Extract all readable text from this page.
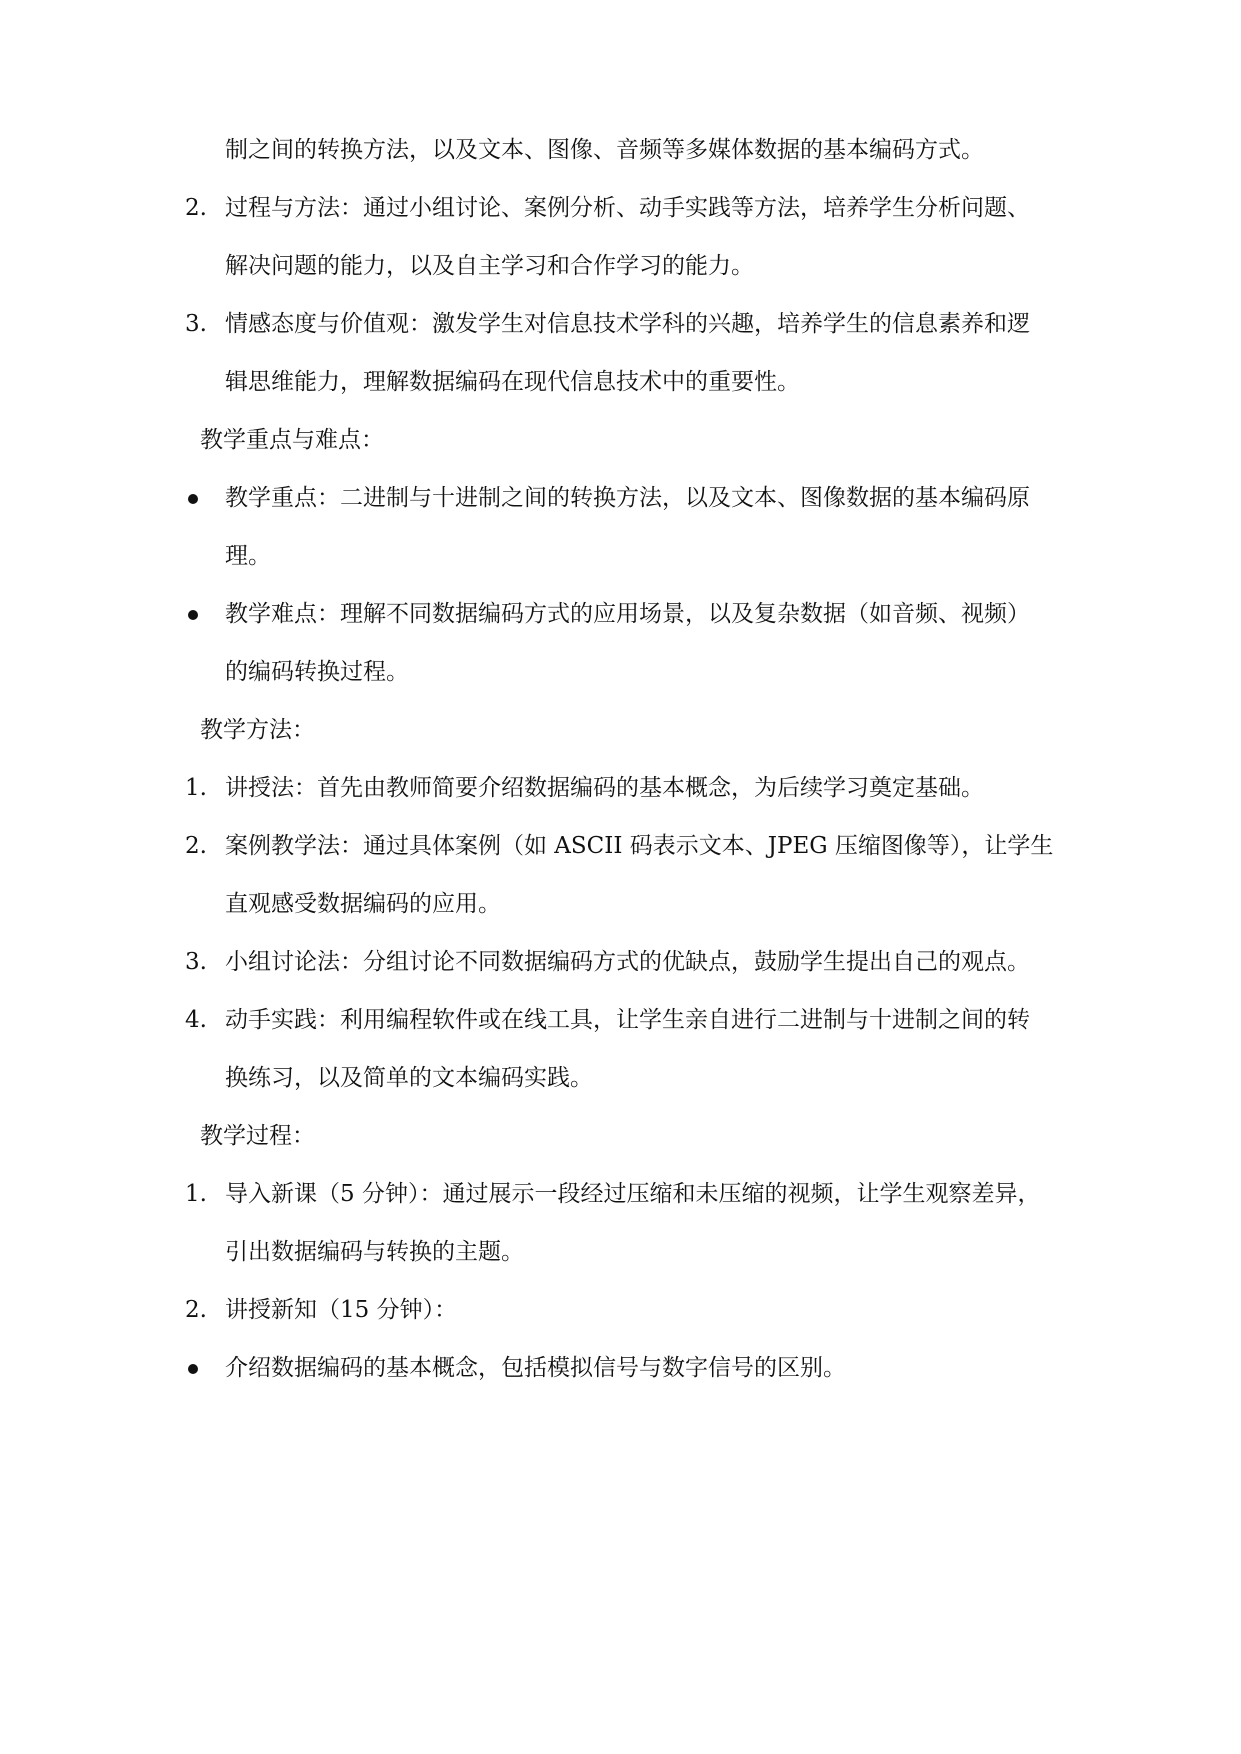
制之间的转换方法，以及文本、图像、音频等多媒体数据的基本编码方式。
2. 过程与方法：通过小组讨论、案例分析、动手实践等方法，培养学生分析问题、
解决问题的能力，以及自主学习和合作学习的能力。
3. 情感态度与价值观：激发学生对信息技术学科的兴趣，培养学生的信息素养和逻
辑思维能力，理解数据编码在现代信息技术中的重要性。
教学重点与难点：
教学重点：二进制与十进制之间的转换方法，以及文本、图像数据的基本编码原
理。
教学难点：理解不同数据编码方式的应用场景，以及复杂数据（如音频、视频）
的编码转换过程。
教学方法：
1. 讲授法：首先由教师简要介绍数据编码的基本概念，为后续学习奠定基础。
2. 案例教学法：通过具体案例（如 ASCII 码表示文本、JPEG 压缩图像等），让学生
直观感受数据编码的应用。
3. 小组讨论法：分组讨论不同数据编码方式的优缺点，鼓励学生提出自己的观点。
4. 动手实践：利用编程软件或在线工具，让学生亲自进行二进制与十进制之间的转
换练习，以及简单的文本编码实践。
教学过程：
1. 导入新课（5 分钟）：通过展示一段经过压缩和未压缩的视频，让学生观察差异，
引出数据编码与转换的主题。
2. 讲授新知（15 分钟）：
介绍数据编码的基本概念，包括模拟信号与数字信号的区别。
